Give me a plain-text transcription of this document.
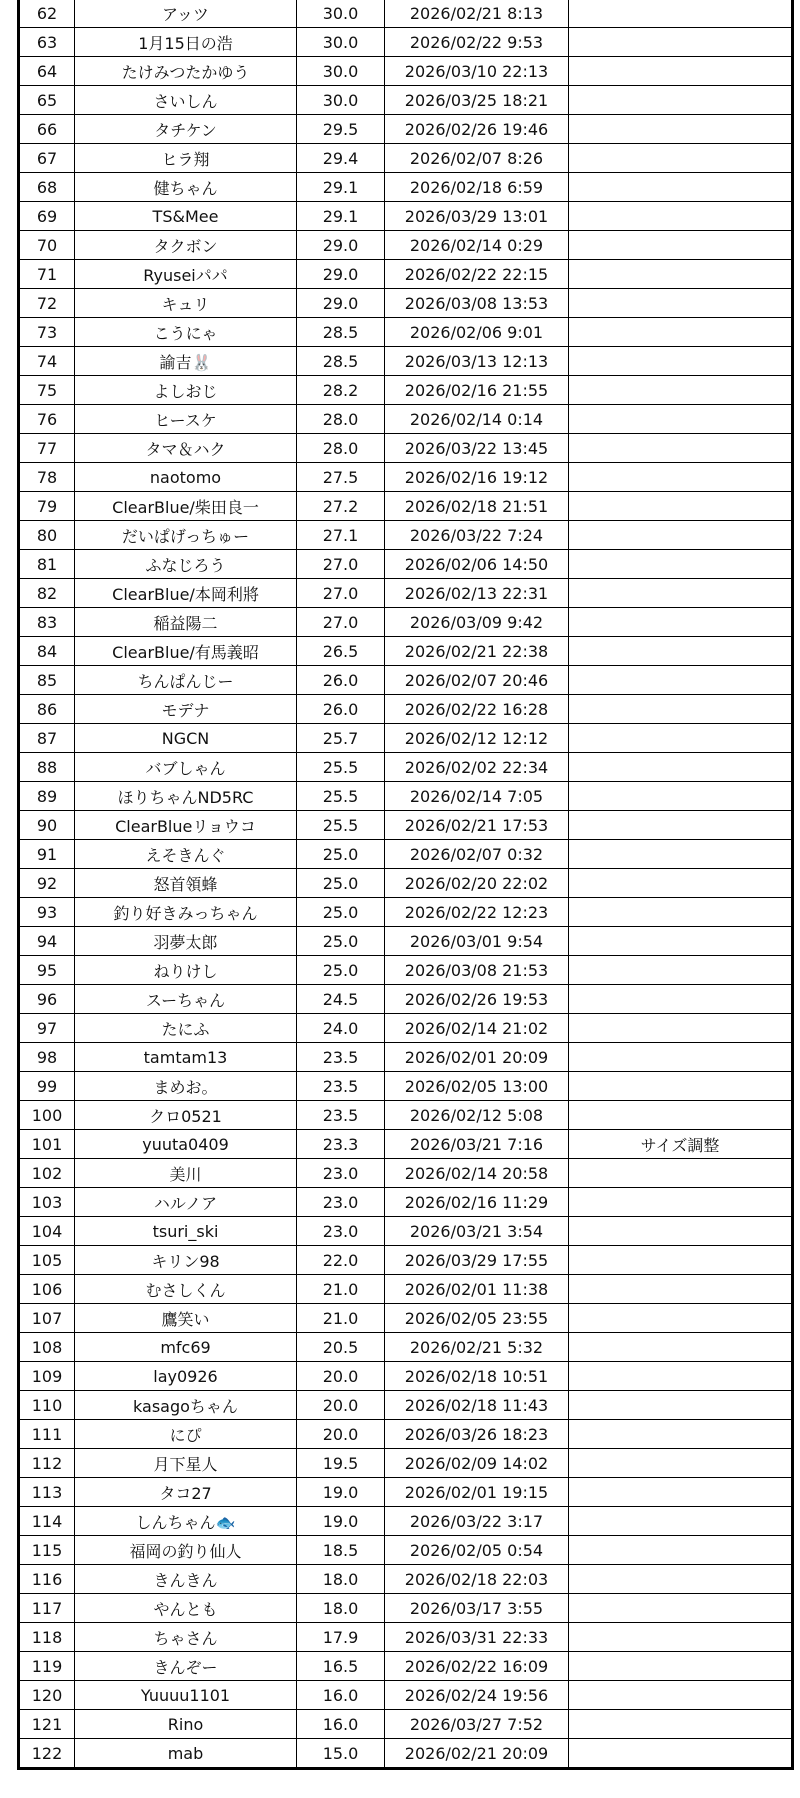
62	アッツ	30.0	2026/02/21 8:13	
63	1月15日の浩	30.0	2026/02/22 9:53	
64	たけみつたかゆう	30.0	2026/03/10 22:13	
65	さいしん	30.0	2026/03/25 18:21	
66	タチケン	29.5	2026/02/26 19:46	
67	ヒラ翔	29.4	2026/02/07 8:26	
68	健ちゃん	29.1	2026/02/18 6:59	
69	TS&Mee	29.1	2026/03/29 13:01	
70	タクボン	29.0	2026/02/14 0:29	
71	Ryuseiパパ	29.0	2026/02/22 22:15	
72	キュリ	29.0	2026/03/08 13:53	
73	こうにゃ	28.5	2026/02/06 9:01	
74	諭吉🐰	28.5	2026/03/13 12:13	
75	よしおじ	28.2	2026/02/16 21:55	
76	ヒースケ	28.0	2026/02/14 0:14	
77	タマ＆ハク	28.0	2026/03/22 13:45	
78	naotomo	27.5	2026/02/16 19:12	
79	ClearBlue/柴田良一	27.2	2026/02/18 21:51	
80	だいぱげっちゅー	27.1	2026/03/22 7:24	
81	ふなじろう	27.0	2026/02/06 14:50	
82	ClearBlue/本岡利將	27.0	2026/02/13 22:31	
83	稲益陽二	27.0	2026/03/09 9:42	
84	ClearBlue/有馬義昭	26.5	2026/02/21 22:38	
85	ちんぱんじー	26.0	2026/02/07 20:46	
86	モデナ	26.0	2026/02/22 16:28	
87	NGCN	25.7	2026/02/12 12:12	
88	バブしゃん	25.5	2026/02/02 22:34	
89	ほりちゃんND5RC	25.5	2026/02/14 7:05	
90	ClearBlueリョウコ	25.5	2026/02/21 17:53	
91	えそきんぐ	25.0	2026/02/07 0:32	
92	怒首領蜂	25.0	2026/02/20 22:02	
93	釣り好きみっちゃん	25.0	2026/02/22 12:23	
94	羽夢太郎	25.0	2026/03/01 9:54	
95	ねりけし	25.0	2026/03/08 21:53	
96	スーちゃん	24.5	2026/02/26 19:53	
97	たにふ	24.0	2026/02/14 21:02	
98	tamtam13	23.5	2026/02/01 20:09	
99	まめお。	23.5	2026/02/05 13:00	
100	クロ0521	23.5	2026/02/12 5:08	
101	yuuta0409	23.3	2026/03/21 7:16	サイズ調整
102	美川	23.0	2026/02/14 20:58	
103	ハルノア	23.0	2026/02/16 11:29	
104	tsuri_ski	23.0	2026/03/21 3:54	
105	キリン98	22.0	2026/03/29 17:55	
106	むさしくん	21.0	2026/02/01 11:38	
107	鷹笑い	21.0	2026/02/05 23:55	
108	mfc69	20.5	2026/02/21 5:32	
109	lay0926	20.0	2026/02/18 10:51	
110	kasagoちゃん	20.0	2026/02/18 11:43	
111	にぴ	20.0	2026/03/26 18:23	
112	月下星人	19.5	2026/02/09 14:02	
113	タコ27	19.0	2026/02/01 19:15	
114	しんちゃん🐟	19.0	2026/03/22 3:17	
115	福岡の釣り仙人	18.5	2026/02/05 0:54	
116	きんきん	18.0	2026/02/18 22:03	
117	やんとも	18.0	2026/03/17 3:55	
118	ちゃさん	17.9	2026/03/31 22:33	
119	きんぞー	16.5	2026/02/22 16:09	
120	Yuuuu1101	16.0	2026/02/24 19:56	
121	Rino	16.0	2026/03/27 7:52	
122	mab	15.0	2026/02/21 20:09	
